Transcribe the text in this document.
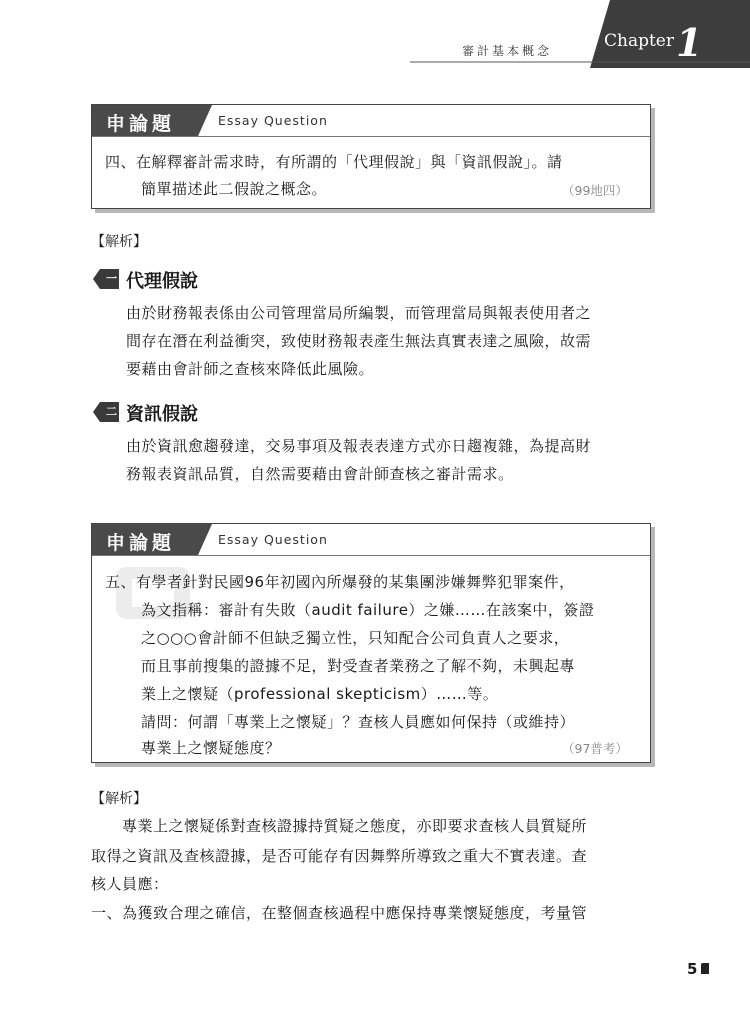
Chapter 1
審計基本概念
申論題	Essay Question
四、在解釋審計需求時，有所謂的「代理假說」與「資訊假說」。請
簡單描述此二假說之概念。	（99地四）
【解析】
一 代理假說
由於財務報表係由公司管理當局所編製，而管理當局與報表使用者之
間存在潛在利益衝突，致使財務報表產生無法真實表達之風險，故需
要藉由會計師之查核來降低此風險。
二 資訊假說
由於資訊愈趨發達，交易事項及報表表達方式亦日趨複雜，為提高財
務報表資訊品質，自然需要藉由會計師查核之審計需求。
申論題	Essay Question
五、有學者針對民國96年初國內所爆發的某集團涉嫌舞弊犯罪案件，
為文指稱：審計有失敗（audit failure）之嫌……在該案中，簽證
之○○○會計師不但缺乏獨立性，只知配合公司負責人之要求，
而且事前搜集的證據不足，對受查者業務之了解不夠，未興起專
業上之懷疑（professional skepticism）……等。
請問：何謂「專業上之懷疑」？查核人員應如何保持（或維持）
專業上之懷疑態度？	（97普考）
【解析】
專業上之懷疑係對查核證據持質疑之態度，亦即要求查核人員質疑所
取得之資訊及查核證據，是否可能存有因舞弊所導致之重大不實表達。查
核人員應：
一、為獲致合理之確信，在整個查核過程中應保持專業懷疑態度，考量管
5
